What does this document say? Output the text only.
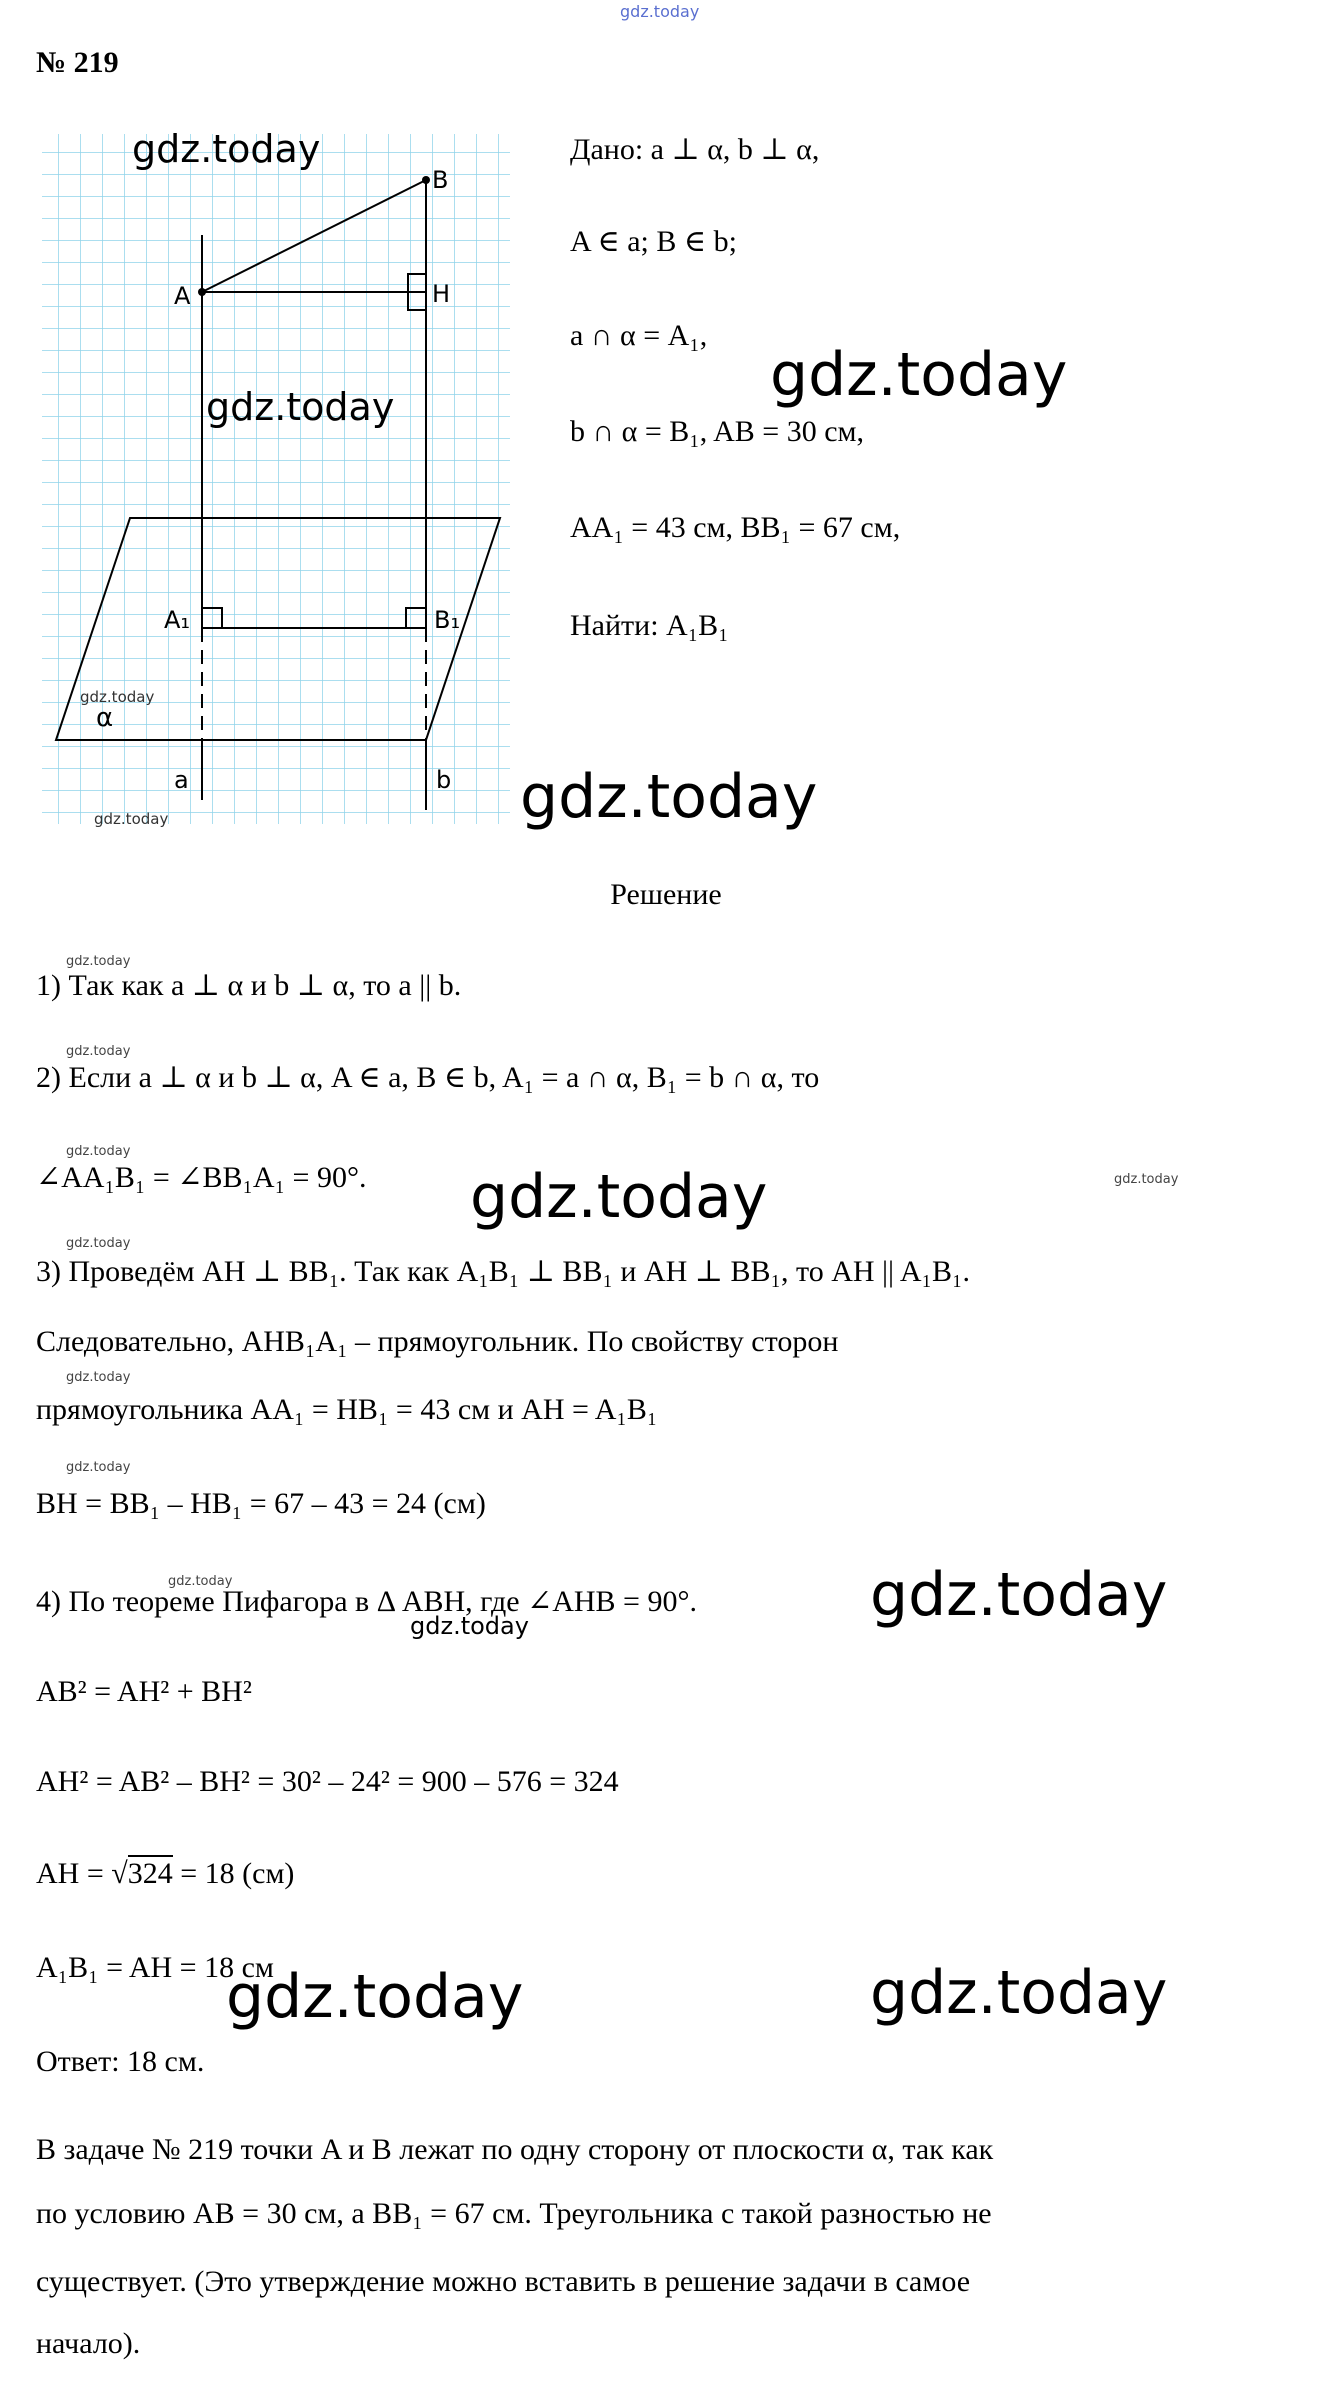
gdz.today
№ 219
A
B
H
A₁	B₁
α
a	b
gdz.today
gdz.today
gdz.today
gdz.today
Дано: a ⊥ α, b ⊥ α,
A ∈ a; B ∈ b;
a ∩ α = A₁,
b ∩ α = B₁, AB = 30 см,
AA₁ = 43 см, BB₁ = 67 см,
Найти: A₁B₁
gdz.today
gdz.today
gdz.today
gdz.today
gdz.today	gdz.today
Решение
gdz.today
gdz.today
gdz.today
gdz.today
gdz.today
gdz.today
gdz.today
gdz.today
gdz.today
1) Так как a ⊥ α и b ⊥ α, то a || b.
2) Если a ⊥ α и b ⊥ α, A ∈ a, B ∈ b, A₁ = a ∩ α, B₁ = b ∩ α, то
∠AA₁B₁ = ∠BB₁A₁ = 90°.
3) Проведём AH ⊥ BB₁. Так как A₁B₁ ⊥ BB₁ и AH ⊥ BB₁, то AH || A₁B₁.
Следовательно, AHB₁A₁ – прямоугольник. По свойству сторон
прямоугольника AA₁ = HB₁ = 43 см и AH = A₁B₁
BH = BB₁ – HB₁ = 67 – 43 = 24 (см)
4) По теореме Пифагора в Δ ABH, где ∠AHB = 90°.
AB² = AH² + BH²
AH² = AB² – BH² = 30² – 24² = 900 – 576 = 324
AH = √324 = 18 (см)
A₁B₁ = AH = 18 см
Ответ: 18 см.
В задаче № 219 точки A и B лежат по одну сторону от плоскости α, так как
по условию AB = 30 см, а BB₁ = 67 см. Треугольника с такой разностью не
существует. (Это утверждение можно вставить в решение задачи в самое
начало).
